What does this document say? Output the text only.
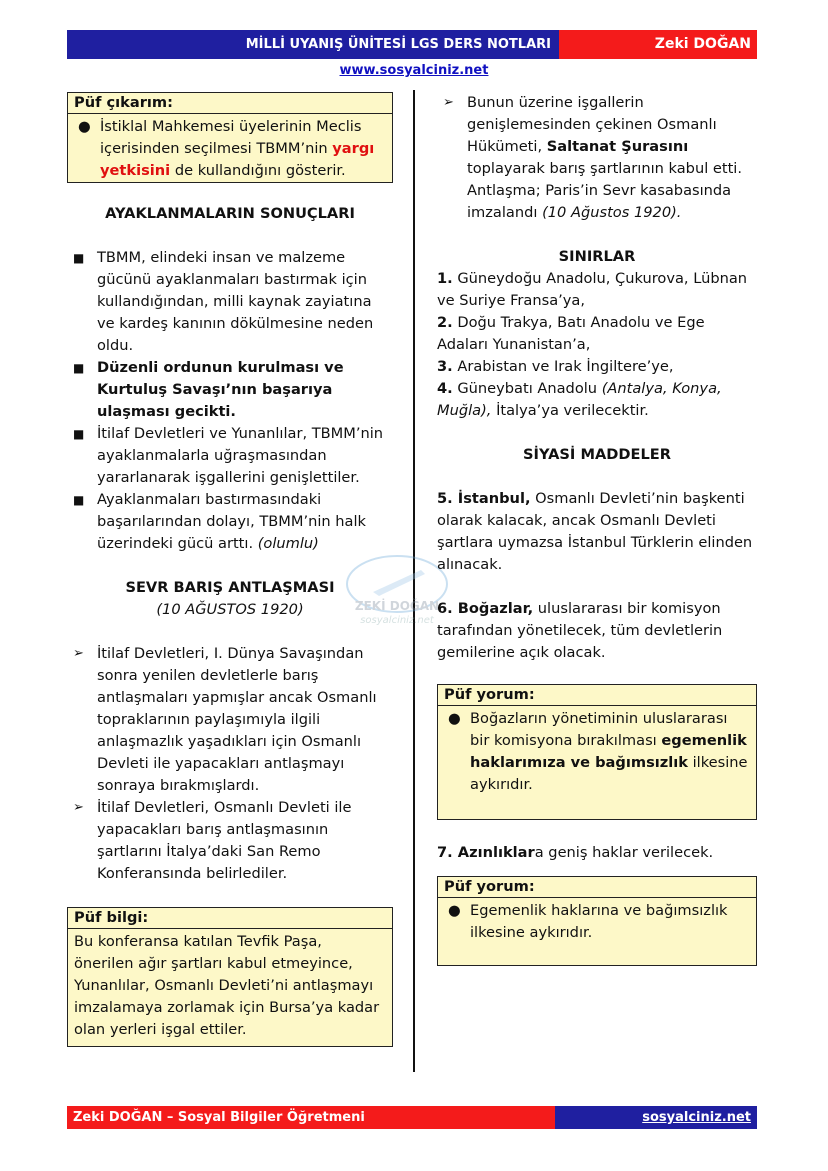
MİLLİ UYANIŞ ÜNİTESİ LGS DERS NOTLARI	Zeki DOĞAN
www.sosyalciniz.net
ZEKİ DOĞAN
sosyalciniz.net
Püf çıkarım:
● İstiklal Mahkemesi üyelerinin Meclis içerisinden seçilmesi TBMM’nin yargı yetkisini de kullandığını gösterir.
AYAKLANMALARIN SONUÇLARI
■ TBMM, elindeki insan ve malzeme gücünü ayaklanmaları bastırmak için kullandığından, milli kaynak zayiatına ve kardeş kanının dökülmesine neden oldu.
■ Düzenli ordunun kurulması ve Kurtuluş Savaşı’nın başarıya ulaşması gecikti.
■ İtilaf Devletleri ve Yunanlılar, TBMM’nin ayaklanmalarla uğraşmasından yararlanarak işgallerini genişlettiler.
■ Ayaklanmaları bastırmasındaki başarılarından dolayı, TBMM’nin halk üzerindeki gücü arttı. (olumlu)
SEVR BARIŞ ANTLAŞMASI
(10 AĞUSTOS 1920)
➢ İtilaf Devletleri, I. Dünya Savaşından sonra yenilen devletlerle barış antlaşmaları yapmışlar ancak Osmanlı topraklarının paylaşımıyla ilgili anlaşmazlık yaşadıkları için Osmanlı Devleti ile yapacakları antlaşmayı sonraya bırakmışlardı.
➢ İtilaf Devletleri, Osmanlı Devleti ile yapacakları barış antlaşmasının şartlarını İtalya’daki San Remo Konferansında belirlediler.
Püf bilgi:
Bu konferansa katılan Tevfik Paşa, önerilen ağır şartları kabul etmeyince, Yunanlılar, Osmanlı Devleti’ni antlaşmayı imzalamaya zorlamak için Bursa’ya kadar olan yerleri işgal ettiler.
➢ Bunun üzerine işgallerin genişlemesinden çekinen Osmanlı Hükümeti, Saltanat Şurasını toplayarak barış şartlarının kabul etti. Antlaşma; Paris’in Sevr kasabasında imzalandı (10 Ağustos 1920).
SINIRLAR
1. Güneydoğu Anadolu, Çukurova, Lübnan ve Suriye Fransa’ya,
2. Doğu Trakya, Batı Anadolu ve Ege Adaları Yunanistan’a,
3. Arabistan ve Irak İngiltere’ye,
4. Güneybatı Anadolu (Antalya, Konya, Muğla), İtalya’ya verilecektir.
SİYASİ MADDELER
5. İstanbul, Osmanlı Devleti’nin başkenti olarak kalacak, ancak Osmanlı Devleti şartlara uymazsa İstanbul Türklerin elinden alınacak.
6. Boğazlar, uluslararası bir komisyon tarafından yönetilecek, tüm devletlerin gemilerine açık olacak.
Püf yorum:
● Boğazların yönetiminin uluslararası bir komisyona bırakılması egemenlik haklarımıza ve bağımsızlık ilkesine aykırıdır.
7. Azınlıklara geniş haklar verilecek.
Püf yorum:
● Egemenlik haklarına ve bağımsızlık ilkesine aykırıdır.
Zeki DOĞAN – Sosyal Bilgiler Öğretmeni	sosyalciniz.net
